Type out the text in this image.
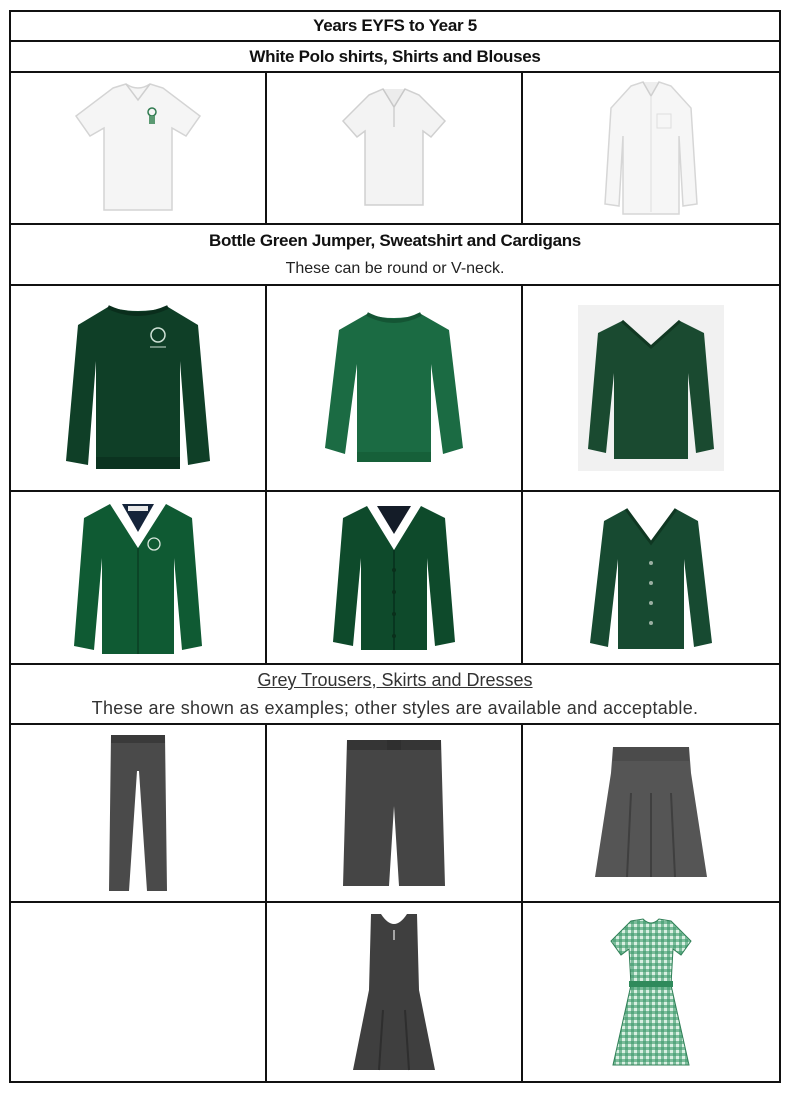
Years EYFS to Year 5
White Polo shirts, Shirts and Blouses
Bottle Green Jumper, Sweatshirt and Cardigans
These can be round or V-neck.
Grey Trousers, Skirts and Dresses
These are shown as examples; other styles are available and acceptable.
